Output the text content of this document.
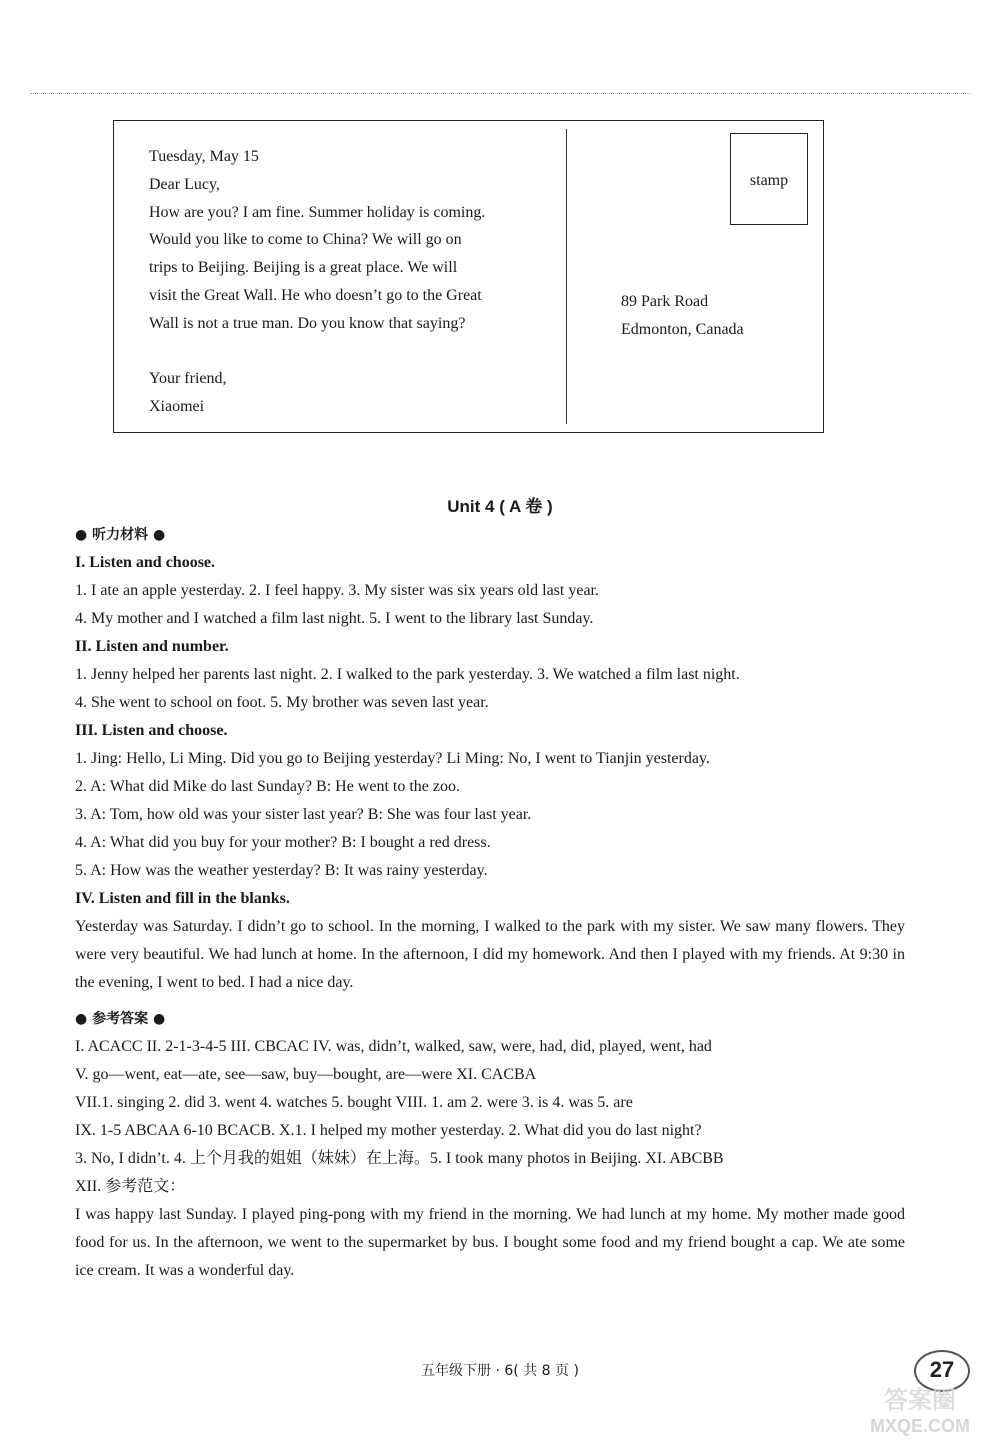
Tuesday, May 15
Dear Lucy,
How are you? I am fine. Summer holiday is coming.
Would you like to come to China? We will go on
trips to Beijing. Beijing is a great place. We will
visit the Great Wall. He who doesn’t go to the Great
Wall is not a true man. Do you know that saying?
Your friend,
Xiaomei
stamp
89 Park Road
Edmonton, Canada
Unit 4 ( A 卷 )
● 听力材料 ●
I. Listen and choose.
1. I ate an apple yesterday. 2. I feel happy. 3. My sister was six years old last year.
4. My mother and I watched a film last night. 5. I went to the library last Sunday.
II. Listen and number.
1. Jenny helped her parents last night. 2. I walked to the park yesterday. 3. We watched a film last night.
4. She went to school on foot. 5. My brother was seven last year.
III. Listen and choose.
1. Jing: Hello, Li Ming. Did you go to Beijing yesterday? Li Ming: No, I went to Tianjin yesterday.
2. A: What did Mike do last Sunday? B: He went to the zoo.
3. A: Tom, how old was your sister last year? B: She was four last year.
4. A: What did you buy for your mother? B: I bought a red dress.
5. A: How was the weather yesterday? B: It was rainy yesterday.
IV. Listen and fill in the blanks.
Yesterday was Saturday. I didn’t go to school. In the morning, I walked to the park with my sister. We saw many flowers. They were very beautiful. We had lunch at home. In the afternoon, I did my homework. And then I played with my friends. At 9:30 in the evening, I went to bed. I had a nice day.
● 参考答案 ●
I. ACACC II. 2-1-3-4-5 III. CBCAC IV. was, didn’t, walked, saw, were, had, did, played, went, had
V. go—went, eat—ate, see—saw, buy—bought, are—were XI. CACBA
VII.1. singing 2. did 3. went 4. watches 5. bought VIII. 1. am 2. were 3. is 4. was 5. are
IX. 1-5 ABCAA 6-10 BCACB. X.1. I helped my mother yesterday. 2. What did you do last night?
3. No, I didn’t. 4. 上个月我的姐姐（妹妹）在上海。5. I took many photos in Beijing. XI. ABCBB
XII. 参考范文：
I was happy last Sunday. I played ping-pong with my friend in the morning. We had lunch at my home. My mother made good food for us. In the afternoon, we went to the supermarket by bus. I bought some food and my friend bought a cap. We ate some ice cream. It was a wonderful day.
五年级下册 · 6( 共 8 页 )	27
答案圈
MXQE.COM
